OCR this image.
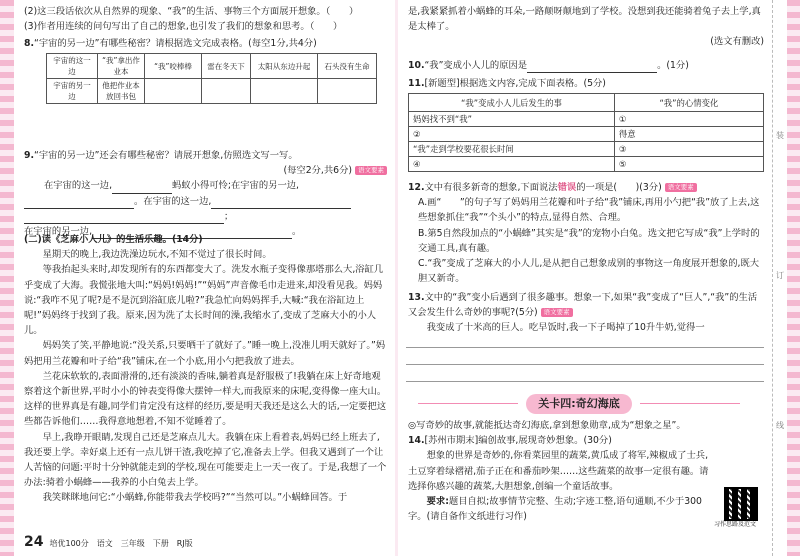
(2)这三段话依次从自然界的现象、“我”的生活、事物三个方面展开想象。（　　）

(3)作者用连续的问句写出了自己的想象,也引发了我们的想象和思考。（　　）

8.“宇宙的另一边”有哪些秘密？请根据选文完成表格。(每空1分,共4分)

宇宙的这一边	“我”拿出作业本	“我”咬棒棒	雷在冬天下	太阳从东边升起	石头没有生命
宇宙的另一边	他把作业本放回书包				

9.“宇宙的另一边”还会有哪些秘密？请展开想象,仿照选文写一写。

(每空2分,共6分) 语文要素

在宇宙的这一边,	蚂蚁小得可怜;在宇宙的另一边,

。在宇宙的这一边,

；

在宇宙的另一边,	。

(二)读《芝麻小人儿》的生活乐趣。(14分)

星期天的晚上,我边洗澡边玩水,不知不觉过了很长时间。

等我抬起头来时,却发现所有的东西都变大了。洗发水瓶子变得像那塔那么大,浴缸几乎变成了大海。我慌张地大叫:“妈妈!妈妈!”“妈妈”声音像毛巾走进来,却没看见我。妈妈说:“我咋不见了呢?是不是沉到浴缸底儿啦?”我急忙向妈妈挥手,大喊:“我在浴缸边上呢!”妈妈终于找到了我。原来,因为洗了太长时间的澡,我缩水了,变成了芝麻大小的小人儿。

妈妈笑了笑,平静地说:“没关系,只要晒干了就好了。”睡一晚上,没准儿明天就好了。”妈妈把用兰花瓣和叶子给“我”铺床,在一个小底,用小勺把我放了进去。

兰花床软软的,表面滑滑的,还有淡淡的香味,躺着真是舒服极了!我躺在床上好奇地观察着这个新世界,平时小小的钟表变得像大摆钟一样大,而我原来的床呢,变得像一座大山。这样的世界真是有趣,同学们肯定没有这样的经历,要是明天我还是这么大的话,一定要把这些都告诉他们……我得意地想着,不知不觉睡着了。

早上,我睁开眼睛,发现自己还是芝麻点儿大。我躺在床上看着表,妈妈已经上班去了,我还要上学。幸好桌上还有一点儿饼干渣,我吃掉了它,准备去上学。但我又遇到了一个让人苦恼的问题:平时十分钟就能走到的学校,现在可能要走上一天一夜了。于是,我想了一个办法:骑着小蜗蜂——我养的小白兔去上学。

我笑眯眯地问它:“小蜗蜂,你能带我去学校吗?”“当然可以。”小蜗蜂回答。于

24 培优100分　语文　三年级　下册　RJ版

是,我紧紧抓着小蜗蜂的耳朵,一路颠呀颠地到了学校。没想到我还能骑着兔子去上学,真是太棒了。

(选文有删改)

10.“我”变成小人儿的原因是	。(1分)

11.[新题型]根据选文内容,完成下面表格。(5分)

“我”变成小人儿后发生的事	“我”的心情变化
妈妈找不到“我”	①
②	得意
“我”走到学校要花很长时间	③
④	⑤

12.文中有很多新奇的想象,下面说法错误的一项是(　　)(3分) 语文要素

A.画“　　”的句子写了妈妈用兰花瓣和叶子给“我”铺床,再用小勺把“我”放了上去,这些想象抓住“我”“个头小”的特点,显得自然、合理。

B.第5自然段加点的“小蜗蜂”其实是“我”的宠物小白兔。选文把它写成“我”上学时的交通工具,真有趣。

C.“我”变成了芝麻大的小人儿,是从把自己想象成别的事物这一角度展开想象的,既大胆又新奇。

13.文中的“我”变小后遇到了很多趣事。想象一下,如果“我”变成了“巨人”,“我”的生活又会发生什么奇妙的事呢?(5分) 语文要素

我变成了十米高的巨人。吃早饭时,我一下子喝掉了10升牛奶,觉得一

关卡四:奇幻海底

◎写奇妙的故事,就能抵达奇幻海底,拿到想象勋章,成为“想象之星”。

14.[苏州市期末]编创故事,展现奇妙想象。(30分)

想象的世界是奇妙的,你看菜园里的蔬菜,黄瓜成了将军,辣椒成了士兵,土豆穿着绿褶裙,茄子正在和番茄吵架……这些蔬菜的故事一定很有趣。请选择你感兴趣的蔬菜,大胆想象,创编一个童话故事。

要求:题目自拟;故事情节完整、生动;字迹工整,语句通顺,不少于300字。(请自备作文纸进行习作)

习作思路及范文
装
订
线
